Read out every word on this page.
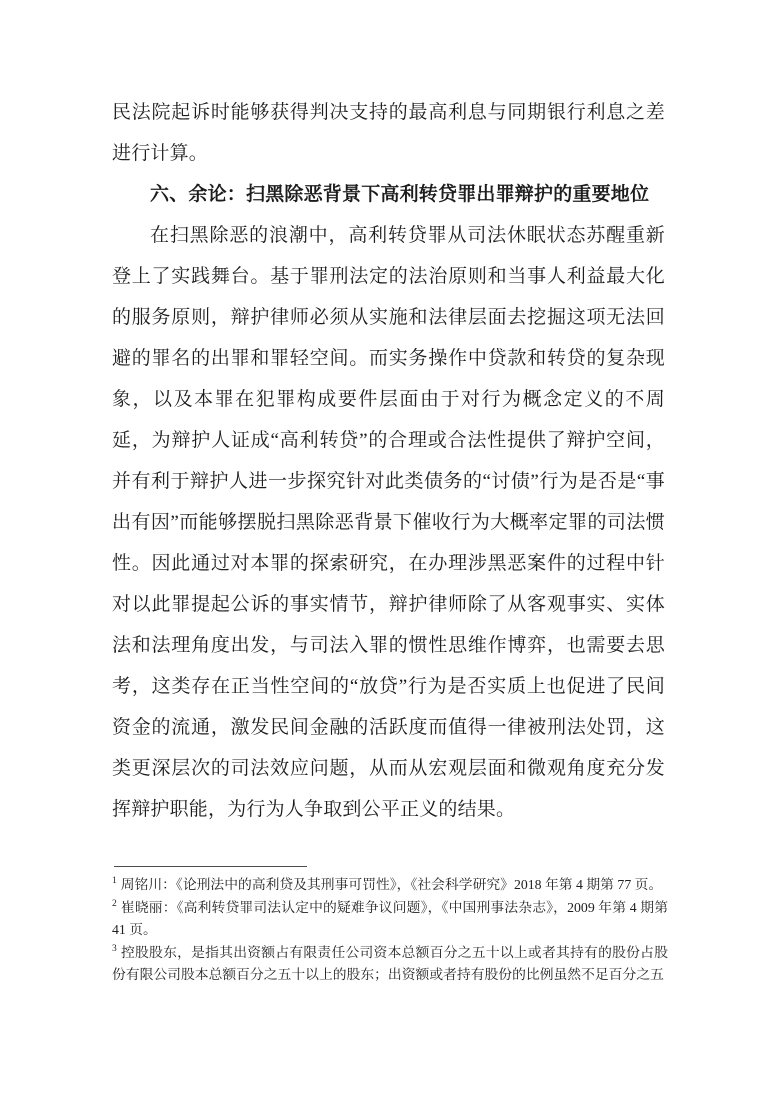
民法院起诉时能够获得判决支持的最高利息与同期银行利息之差进行计算。

六、余论：扫黑除恶背景下高利转贷罪出罪辩护的重要地位

在扫黑除恶的浪潮中，高利转贷罪从司法休眠状态苏醒重新登上了实践舞台。基于罪刑法定的法治原则和当事人利益最大化的服务原则，辩护律师必须从实施和法律层面去挖掘这项无法回避的罪名的出罪和罪轻空间。而实务操作中贷款和转贷的复杂现象，以及本罪在犯罪构成要件层面由于对行为概念定义的不周延，为辩护人证成“高利转贷”的合理或合法性提供了辩护空间，并有利于辩护人进一步探究针对此类债务的“讨债”行为是否是“事出有因”而能够摆脱扫黑除恶背景下催收行为大概率定罪的司法惯性。因此通过对本罪的探索研究，在办理涉黑恶案件的过程中针对以此罪提起公诉的事实情节，辩护律师除了从客观事实、实体法和法理角度出发，与司法入罪的惯性思维作博弈，也需要去思考，这类存在正当性空间的“放贷”行为是否实质上也促进了民间资金的流通，激发民间金融的活跃度而值得一律被刑法处罚，这类更深层次的司法效应问题，从而从宏观层面和微观角度充分发挥辩护职能，为行为人争取到公平正义的结果。

$^1$ 周铭川：《论刑法中的高利贷及其刑事可罚性》，《社会科学研究》2018 年第 4 期第 77 页。
$^2$ 崔晓丽：《高利转贷罪司法认定中的疑难争议问题》，《中国刑事法杂志》，2009 年第 4 期第 41 页。
$^3$ 控股股东，是指其出资额占有限责任公司资本总额百分之五十以上或者其持有的股份占股份有限公司股本总额百分之五十以上的股东；出资额或者持有股份的比例虽然不足百分之五
